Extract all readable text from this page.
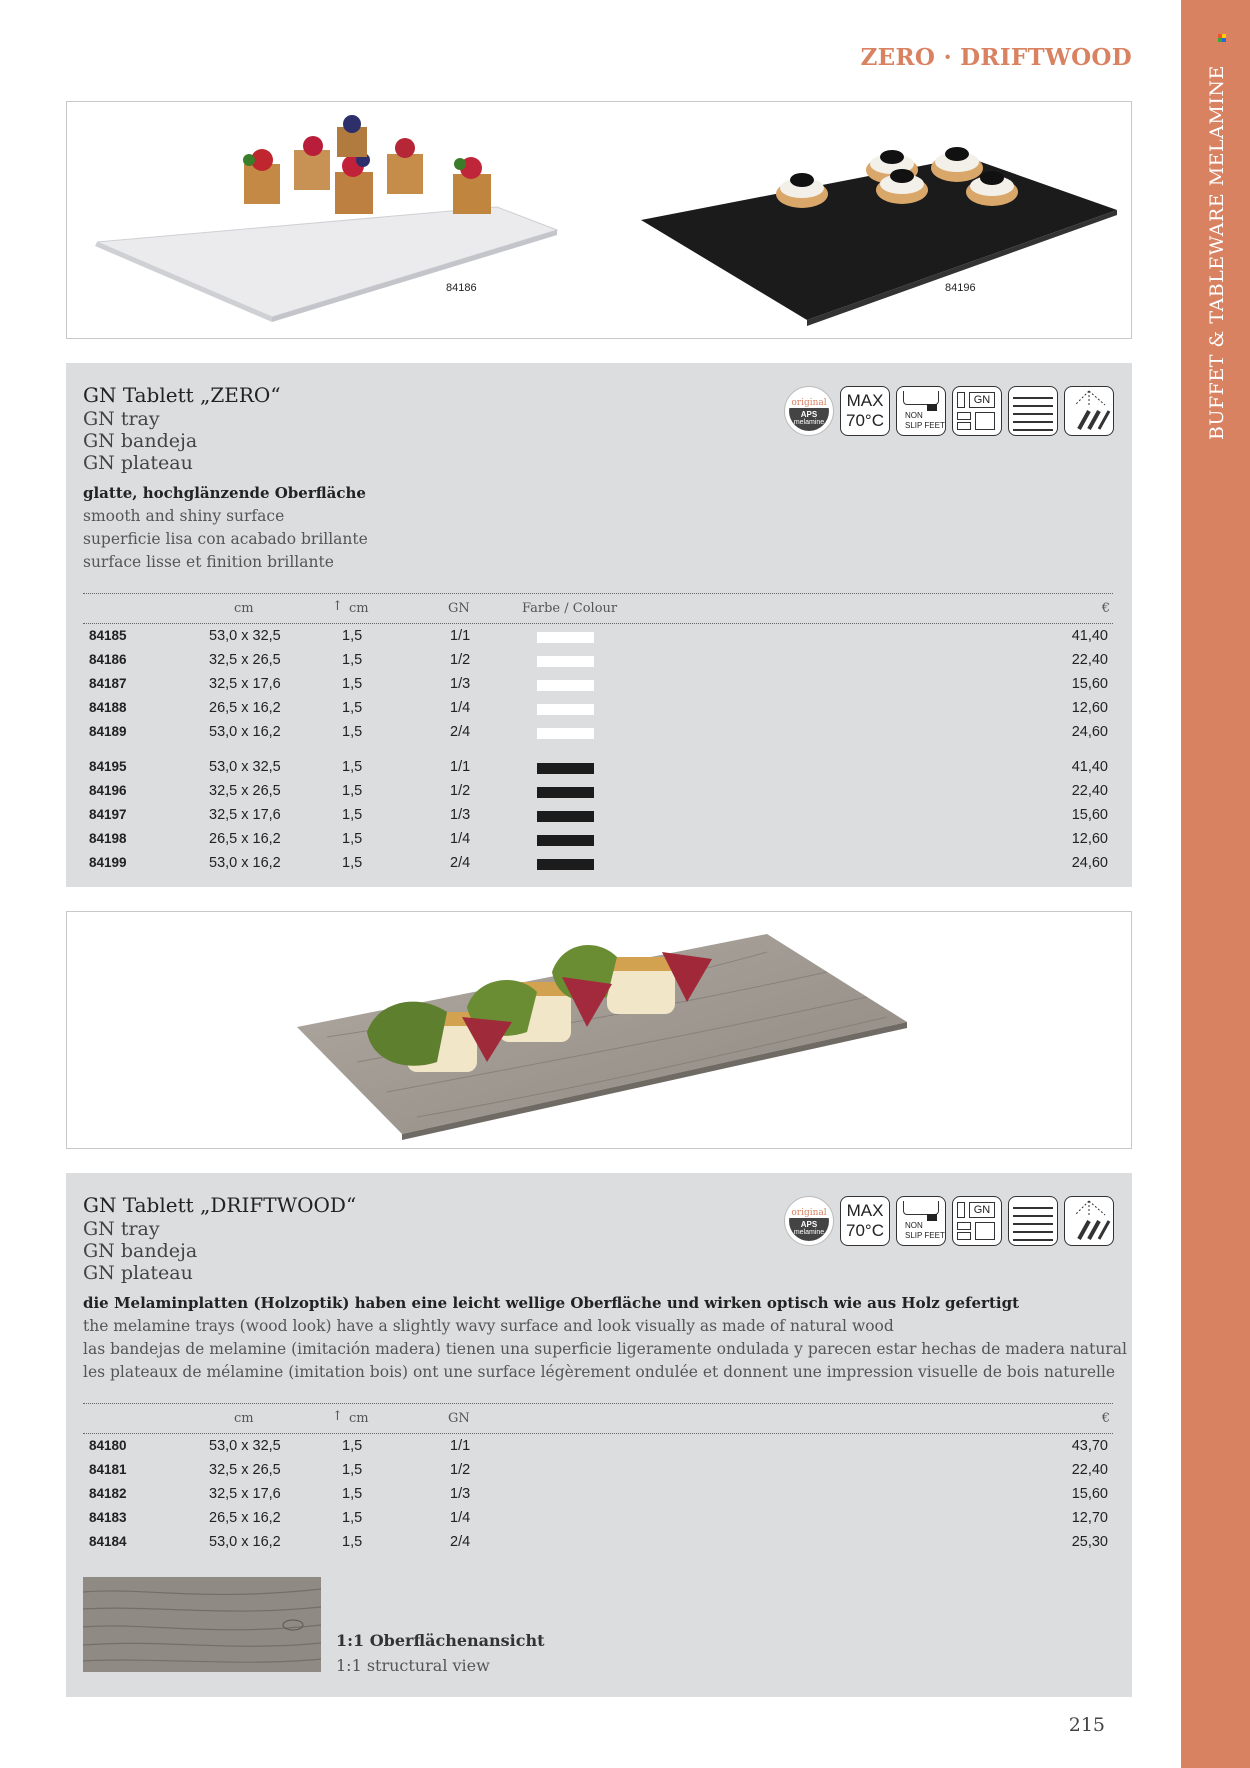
BUFFET & TABLEWARE MELAMINE
ZERO · DRIFTWOOD
84186	84196
GN Tablett „ZERO“
GN tray
GN bandeja
GN plateau
original
APS
melamine
MAX
70°C	NON
SLIP FEET
GN
glatte, hochglänzende Oberfläche
smooth and shiny surface
superficie lisa con acabado brillante
surface lisse et finition brillante
cm	↑ cm	GN	Farbe / Colour	€
84185	53,0 x 32,5	1,5	1/1	41,40
84186	32,5 x 26,5	1,5	1/2	22,40
84187	32,5 x 17,6	1,5	1/3	15,60
84188	26,5 x 16,2	1,5	1/4	12,60
84189	53,0 x 16,2	1,5	2/4	24,60
84195	53,0 x 32,5	1,5	1/1	41,40
84196	32,5 x 26,5	1,5	1/2	22,40
84197	32,5 x 17,6	1,5	1/3	15,60
84198	26,5 x 16,2	1,5	1/4	12,60
84199	53,0 x 16,2	1,5	2/4	24,60
GN Tablett „DRIFTWOOD“
GN tray
GN bandeja
GN plateau
original
APS
melamine
MAX
70°C	NON
SLIP FEET
GN
die Melaminplatten (Holzoptik) haben eine leicht wellige Oberfläche und wirken optisch wie aus Holz gefertigt
the melamine trays (wood look) have a slightly wavy surface and look visually as made of natural wood
las bandejas de melamine (imitación madera) tienen una superficie ligeramente ondulada y parecen estar hechas de madera natural
les plateaux de mélamine (imitation bois) ont une surface légèrement ondulée et donnent une impression visuelle de bois naturelle
cm	↑ cm	GN	€
84180	53,0 x 32,5	1,5	1/1	43,70
84181	32,5 x 26,5	1,5	1/2	22,40
84182	32,5 x 17,6	1,5	1/3	15,60
84183	26,5 x 16,2	1,5	1/4	12,70
84184	53,0 x 16,2	1,5	2/4	25,30
1:1 Oberflächenansicht
1:1 structural view
215
